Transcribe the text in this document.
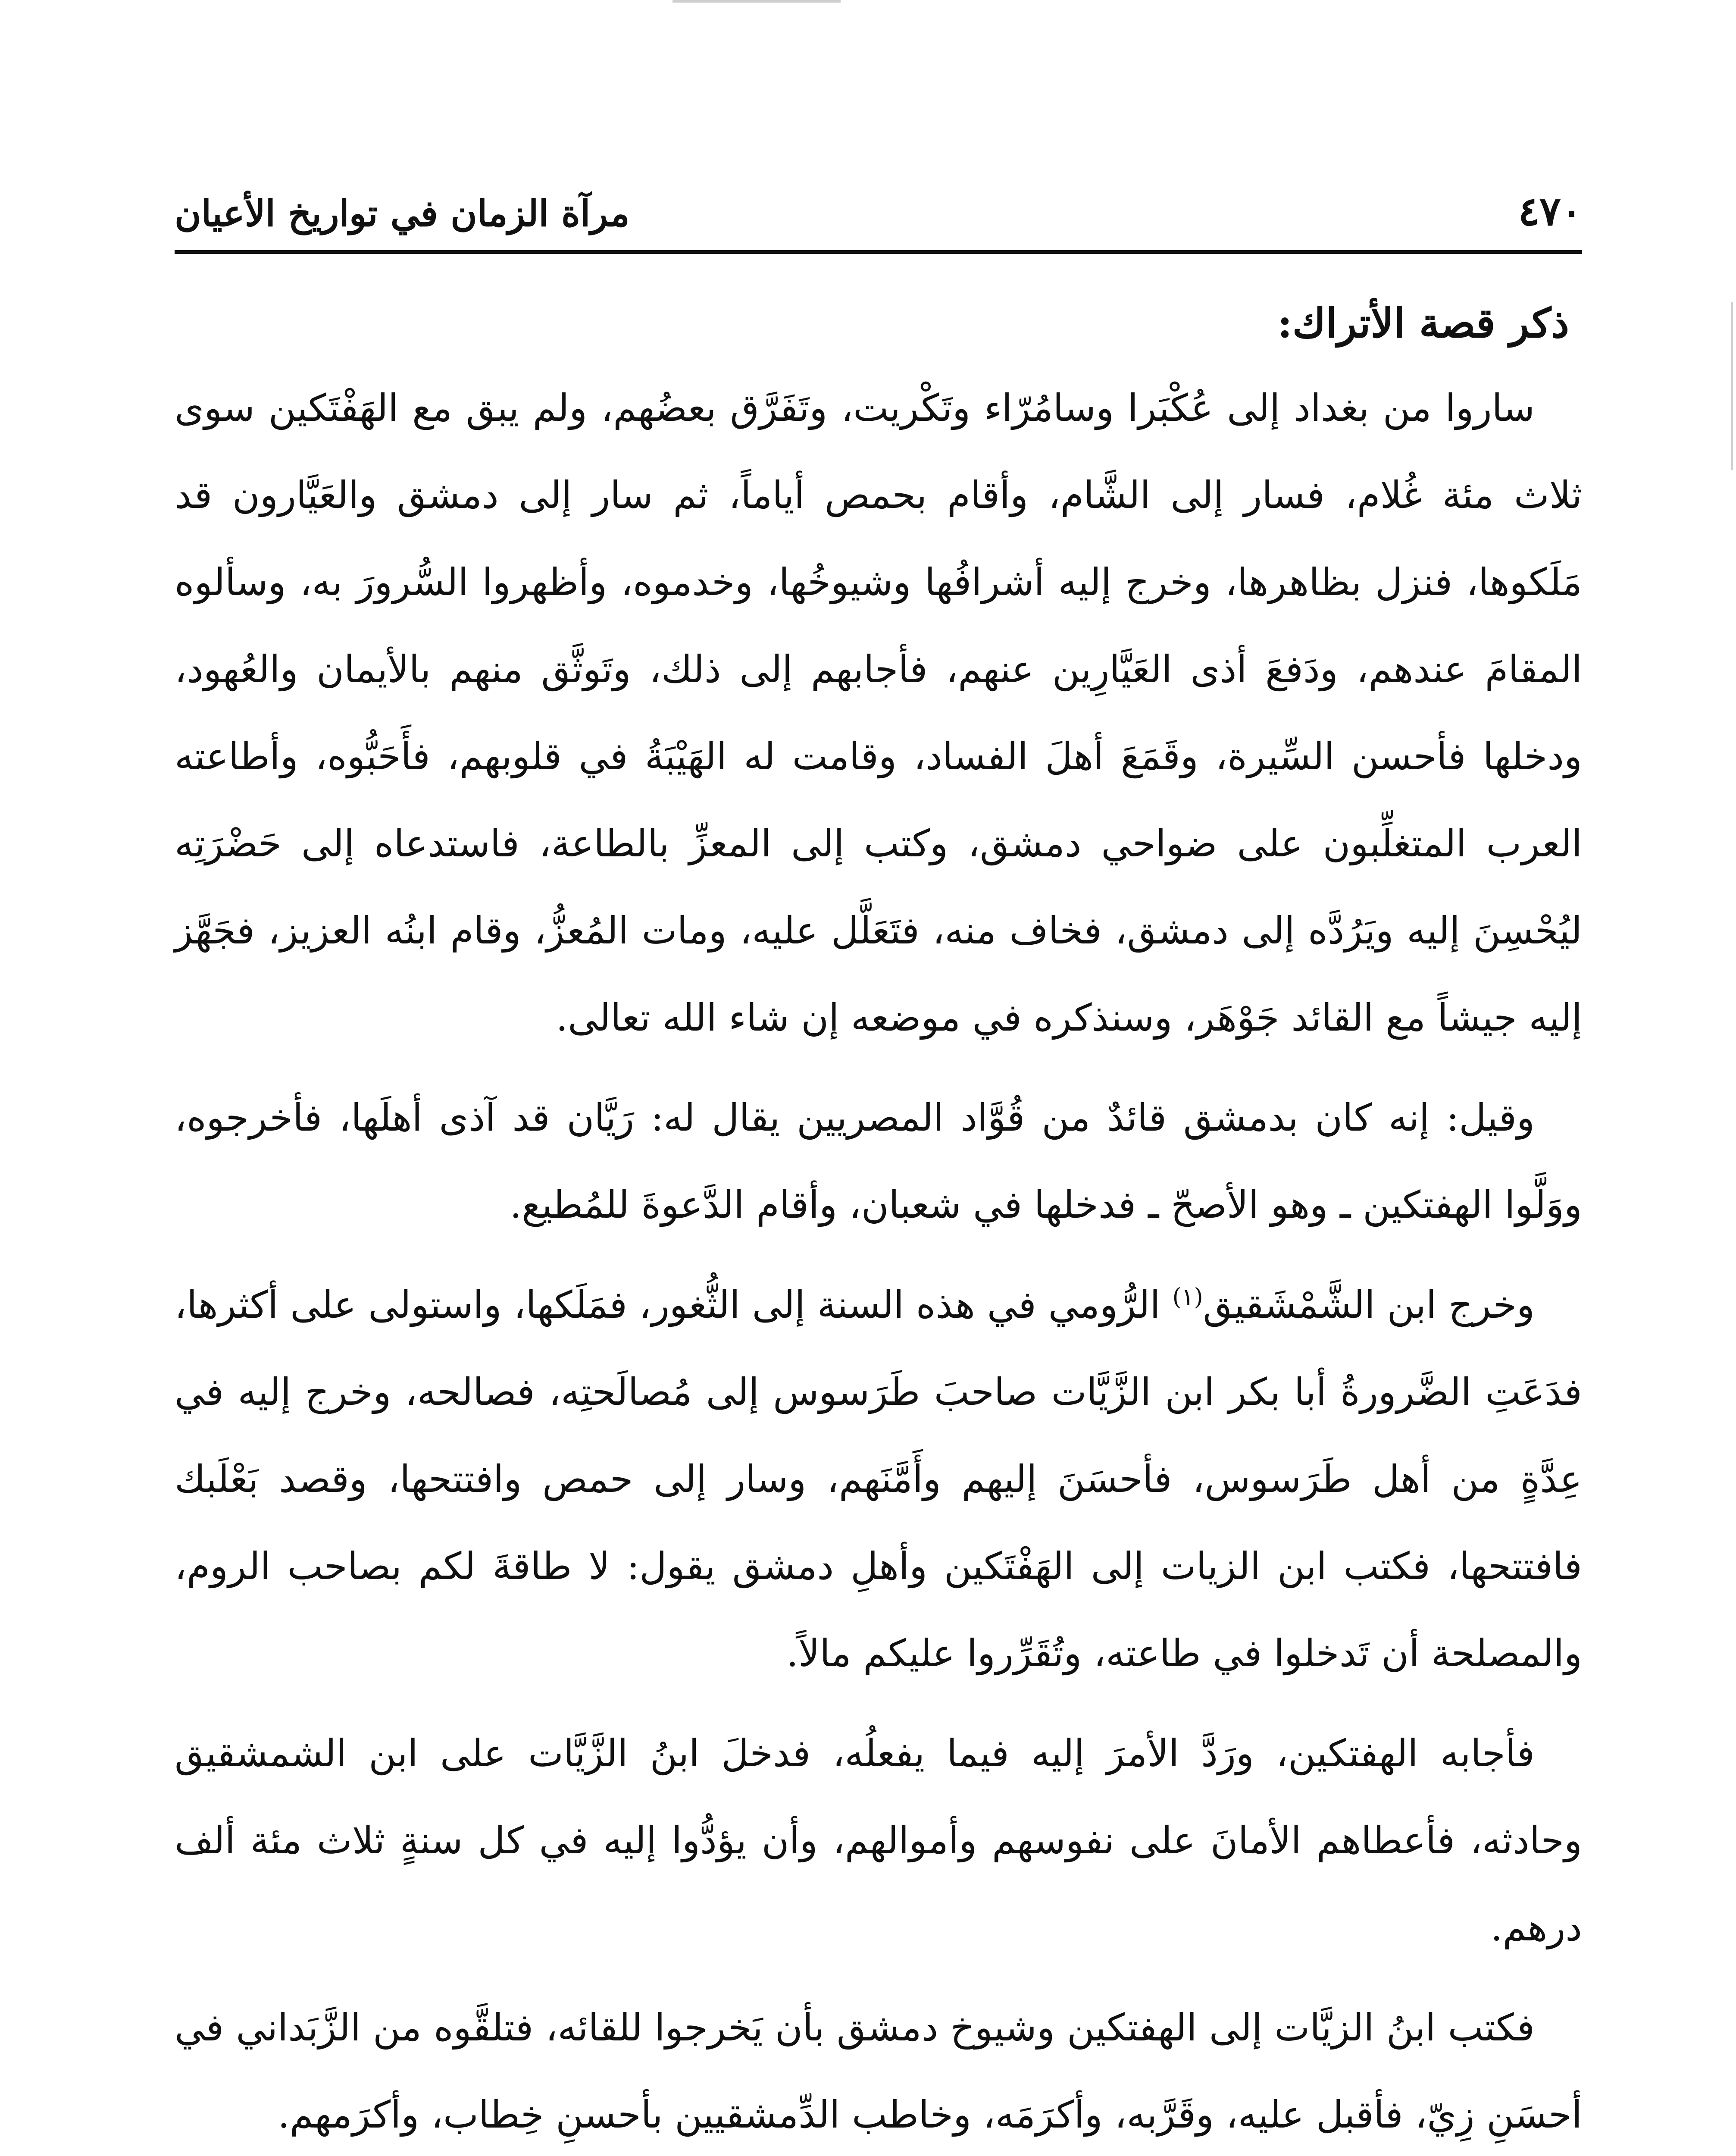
٤٧٠
مرآة الزمان في تواريخ الأعيان
ذكر قصة الأتراك:

ساروا من بغداد إلى عُكْبَرا وسامُرّاء وتَكْريت، وتَفَرَّق بعضُهم، ولم يبق مع الهَفْتَكين سوى ثلاث مئة غُلام، فسار إلى الشَّام، وأقام بحمص أياماً، ثم سار إلى دمشق والعَيَّارون قد مَلَكوها، فنزل بظاهرها، وخرج إليه أشرافُها وشيوخُها، وخدموه، وأظهروا السُّرورَ به، وسألوه المقامَ عندهم، ودَفعَ أذى العَيَّارِين عنهم، فأجابهم إلى ذلك، وتَوثَّق منهم بالأيمان والعُهود، ودخلها فأحسن السِّيرة، وقَمَعَ أهلَ الفساد، وقامت له الهَيْبَةُ في قلوبهم، فأَحَبُّوه، وأطاعته العرب المتغلِّبون على ضواحي دمشق، وكتب إلى المعزِّ بالطاعة، فاستدعاه إلى حَضْرَتِه ليُحْسِنَ إليه ويَرُدَّه إلى دمشق، فخاف منه، فتَعَلَّل عليه، ومات المُعزُّ، وقام ابنُه العزيز، فجَهَّز إليه جيشاً مع القائد جَوْهَر، وسنذكره في موضعه إن شاء الله تعالى.

وقيل: إنه كان بدمشق قائدٌ من قُوَّاد المصريين يقال له: رَيَّان قد آذى أهلَها، فأخرجوه، ووَلَّوا الهفتكين ـ وهو الأصحّ ـ فدخلها في شعبان، وأقام الدَّعوةَ للمُطيع.

وخرج ابن الشَّمْشَقيق$^{(١)}$ الرُّومي في هذه السنة إلى الثُّغور، فمَلَكها، واستولى على أكثرها، فدَعَتِ الضَّرورةُ أبا بكر ابن الزَّيَّات صاحبَ طَرَسوس إلى مُصالَحتِه، فصالحه، وخرج إليه في عِدَّةٍ من أهل طَرَسوس، فأحسَنَ إليهم وأَمَّنَهم، وسار إلى حمص وافتتحها، وقصد بَعْلَبك فافتتحها، فكتب ابن الزيات إلى الهَفْتَكين وأهلِ دمشق يقول: لا طاقةَ لكم بصاحب الروم، والمصلحة أن تَدخلوا في طاعته، وتُقَرِّروا عليكم مالاً.

فأجابه الهفتكين، ورَدَّ الأمرَ إليه فيما يفعلُه، فدخلَ ابنُ الزَّيَّات على ابن الشمشقيق وحادثه، فأعطاهم الأمانَ على نفوسهم وأموالهم، وأن يؤدُّوا إليه في كل سنةٍ ثلاث مئة ألف درهم.

فكتب ابنُ الزيَّات إلى الهفتكين وشيوخ دمشق بأن يَخرجوا للقائه، فتلقَّوه من الزَّبَداني في أحسَنِ زِيّ، فأقبل عليه، وقَرَّبه، وأكرَمَه، وخاطب الدِّمشقيين بأحسنِ خِطاب، وأكرَمهم.
